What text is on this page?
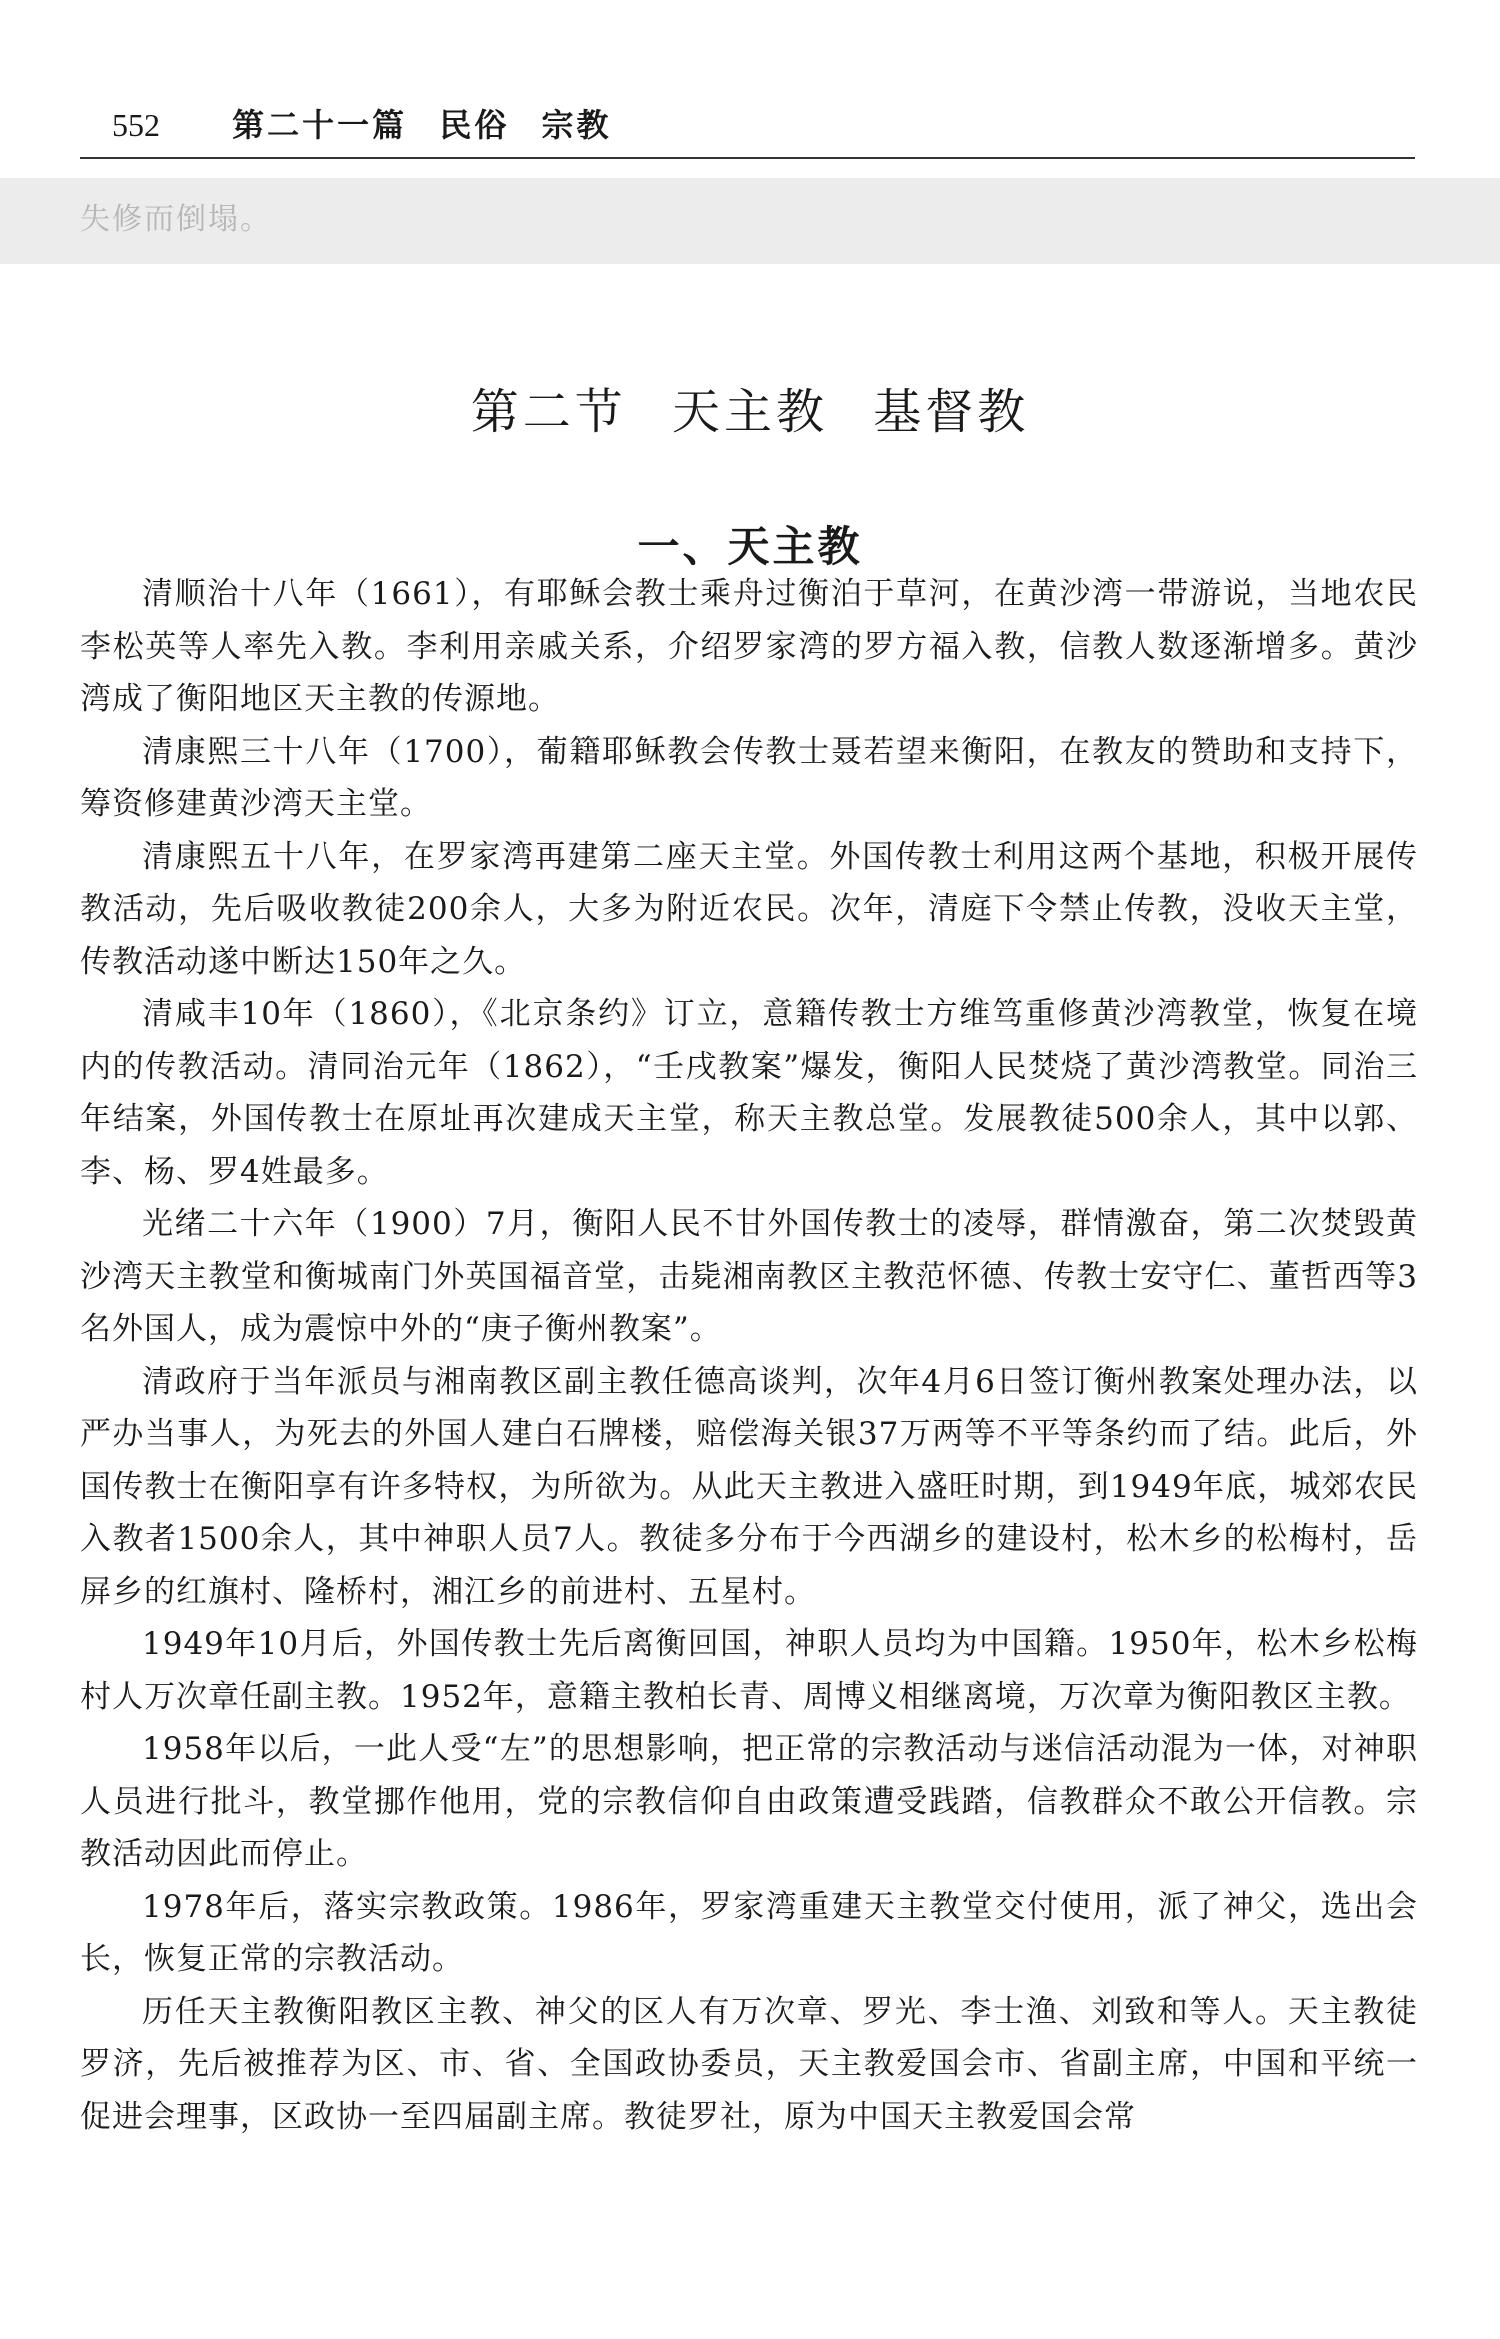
552 第二十一篇 民俗 宗教
失修而倒塌。
第二节 天主教 基督教
一、天主教

清顺治十八年（1661），有耶稣会教士乘舟过衡泊于草河，在黄沙湾一带游说，当地农民李松英等人率先入教。李利用亲戚关系，介绍罗家湾的罗方福入教，信教人数逐渐增多。黄沙湾成了衡阳地区天主教的传源地。

清康熙三十八年（1700），葡籍耶稣教会传教士聂若望来衡阳，在教友的赞助和支持下，筹资修建黄沙湾天主堂。

清康熙五十八年，在罗家湾再建第二座天主堂。外国传教士利用这两个基地，积极开展传教活动，先后吸收教徒200余人，大多为附近农民。次年，清庭下令禁止传教，没收天主堂，传教活动遂中断达150年之久。

清咸丰10年（1860），《北京条约》订立，意籍传教士方维笃重修黄沙湾教堂，恢复在境内的传教活动。清同治元年（1862），“壬戌教案”爆发，衡阳人民焚烧了黄沙湾教堂。同治三年结案，外国传教士在原址再次建成天主堂，称天主教总堂。发展教徒500余人，其中以郭、李、杨、罗4姓最多。

光绪二十六年（1900）7月，衡阳人民不甘外国传教士的凌辱，群情激奋，第二次焚毁黄沙湾天主教堂和衡城南门外英国福音堂，击毙湘南教区主教范怀德、传教士安守仁、董哲西等3名外国人，成为震惊中外的“庚子衡州教案”。

清政府于当年派员与湘南教区副主教任德高谈判，次年4月6日签订衡州教案处理办法，以严办当事人，为死去的外国人建白石牌楼，赔偿海关银37万两等不平等条约而了结。此后，外国传教士在衡阳享有许多特权，为所欲为。从此天主教进入盛旺时期，到1949年底，城郊农民入教者1500余人，其中神职人员7人。教徒多分布于今西湖乡的建设村，松木乡的松梅村，岳屏乡的红旗村、隆桥村，湘江乡的前进村、五星村。

1949年10月后，外国传教士先后离衡回国，神职人员均为中国籍。1950年，松木乡松梅村人万次章任副主教。1952年，意籍主教柏长青、周博义相继离境，万次章为衡阳教区主教。

1958年以后，一此人受“左”的思想影响，把正常的宗教活动与迷信活动混为一体，对神职人员进行批斗，教堂挪作他用，党的宗教信仰自由政策遭受践踏，信教群众不敢公开信教。宗教活动因此而停止。

1978年后，落实宗教政策。1986年，罗家湾重建天主教堂交付使用，派了神父，选出会长，恢复正常的宗教活动。

历任天主教衡阳教区主教、神父的区人有万次章、罗光、李士渔、刘致和等人。天主教徒罗济，先后被推荐为区、市、省、全国政协委员，天主教爱国会市、省副主席，中国和平统一促进会理事，区政协一至四届副主席。教徒罗社，原为中国天主教爱国会常
